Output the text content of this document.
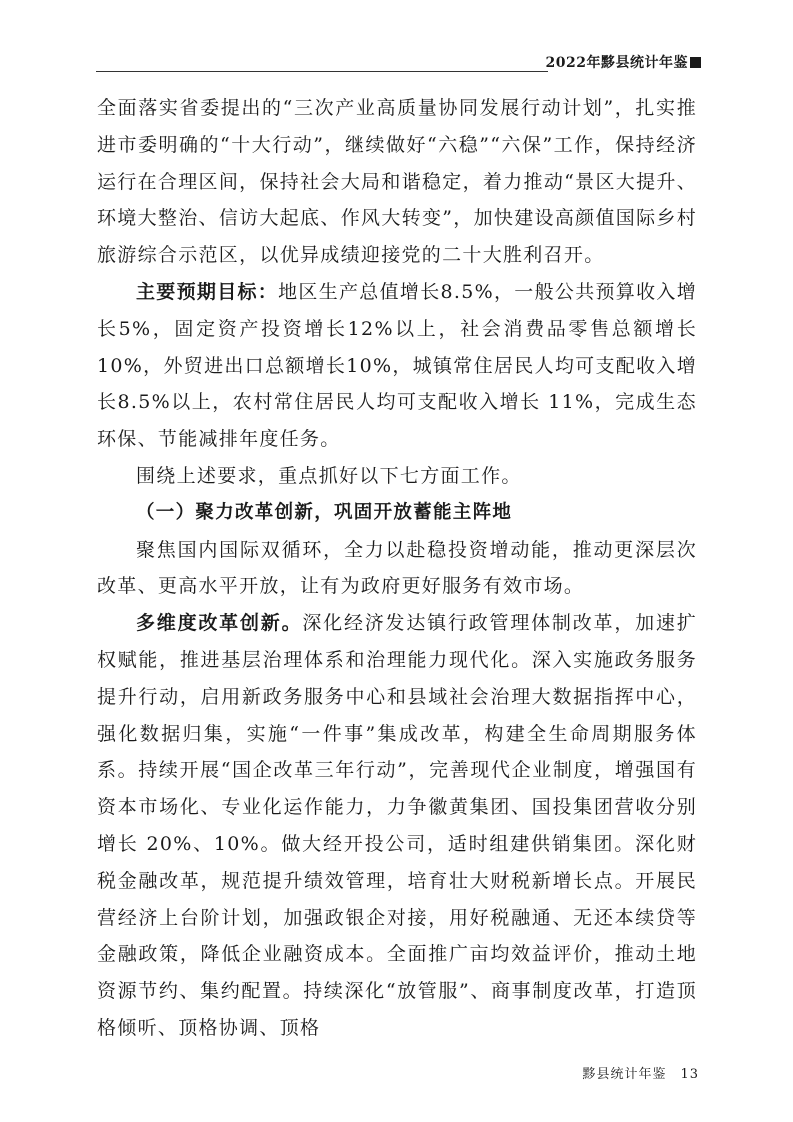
2022年黟县统计年鉴

全面落实省委提出的“三次产业高质量协同发展行动计划”，扎实推进市委明确的“十大行动”，继续做好“六稳”“六保”工作，保持经济运行在合理区间，保持社会大局和谐稳定，着力推动“景区大提升、环境大整治、信访大起底、作风大转变”，加快建设高颜值国际乡村旅游综合示范区，以优异成绩迎接党的二十大胜利召开。

主要预期目标：地区生产总值增长8.5%，一般公共预算收入增长5%，固定资产投资增长12%以上，社会消费品零售总额增长10%，外贸进出口总额增长10%，城镇常住居民人均可支配收入增长8.5%以上，农村常住居民人均可支配收入增长 11%，完成生态环保、节能减排年度任务。

围绕上述要求，重点抓好以下七方面工作。

（一）聚力改革创新，巩固开放蓄能主阵地

聚焦国内国际双循环，全力以赴稳投资增动能，推动更深层次改革、更高水平开放，让有为政府更好服务有效市场。

多维度改革创新。深化经济发达镇行政管理体制改革，加速扩权赋能，推进基层治理体系和治理能力现代化。深入实施政务服务提升行动，启用新政务服务中心和县域社会治理大数据指挥中心，强化数据归集，实施“一件事”集成改革，构建全生命周期服务体系。持续开展“国企改革三年行动”，完善现代企业制度，增强国有资本市场化、专业化运作能力，力争徽黄集团、国投集团营收分别增长 20%、10%。做大经开投公司，适时组建供销集团。深化财税金融改革，规范提升绩效管理，培育壮大财税新增长点。开展民营经济上台阶计划，加强政银企对接，用好税融通、无还本续贷等金融政策，降低企业融资成本。全面推广亩均效益评价，推动土地资源节约、集约配置。持续深化“放管服”、商事制度改革，打造顶格倾听、顶格协调、顶格

黟县统计年鉴 13
